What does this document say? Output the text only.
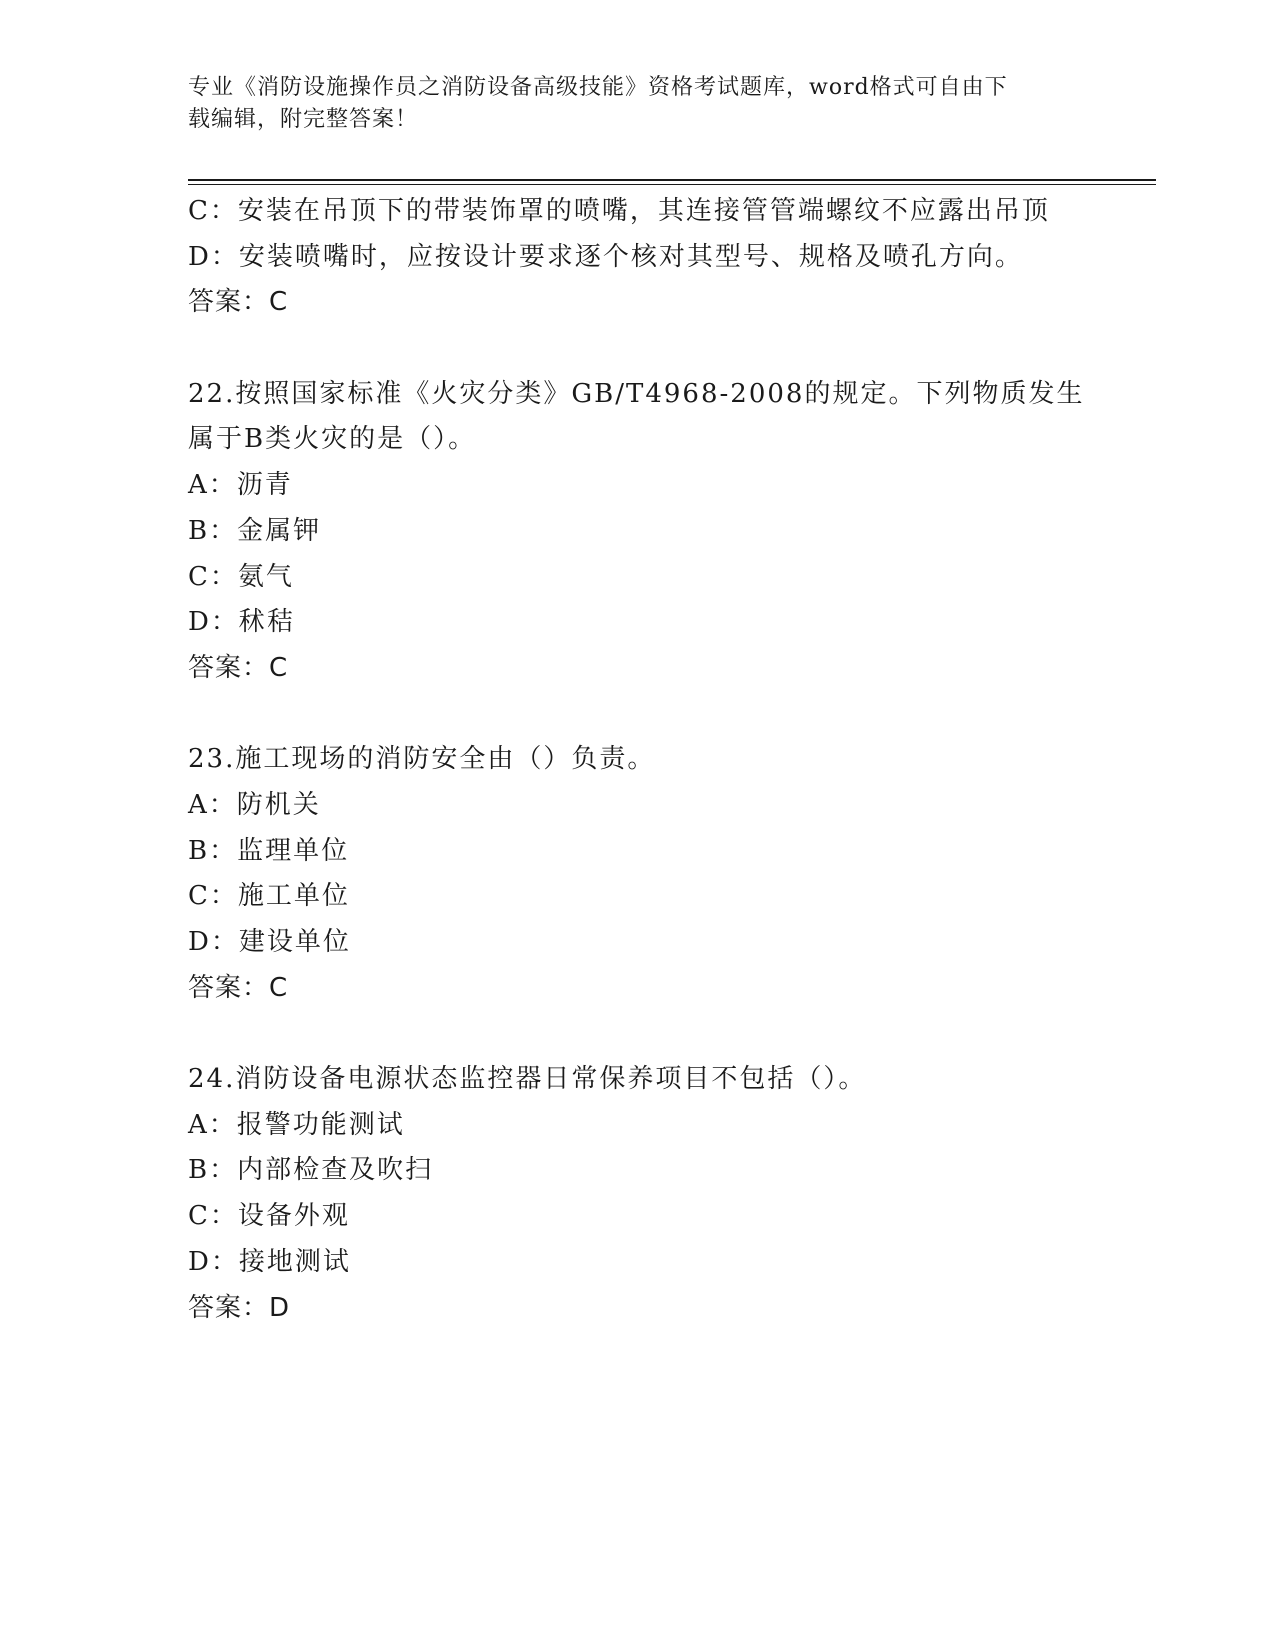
专业《消防设施操作员之消防设备高级技能》资格考试题库，word格式可自由下
载编辑，附完整答案！
C：安装在吊顶下的带装饰罩的喷嘴，其连接管管端螺纹不应露出吊顶
D：安装喷嘴时，应按设计要求逐个核对其型号、规格及喷孔方向。
答案：C
22.按照国家标准《火灾分类》GB/T4968-2008的规定。下列物质发生
属于B类火灾的是（）。
A：沥青
B：金属钾
C：氨气
D：秫秸
答案：C
23.施工现场的消防安全由（）负责。
A：防机关
B：监理单位
C：施工单位
D：建设单位
答案：C
24.消防设备电源状态监控器日常保养项目不包括（）。
A：报警功能测试
B：内部检查及吹扫
C：设备外观
D：接地测试
答案：D
